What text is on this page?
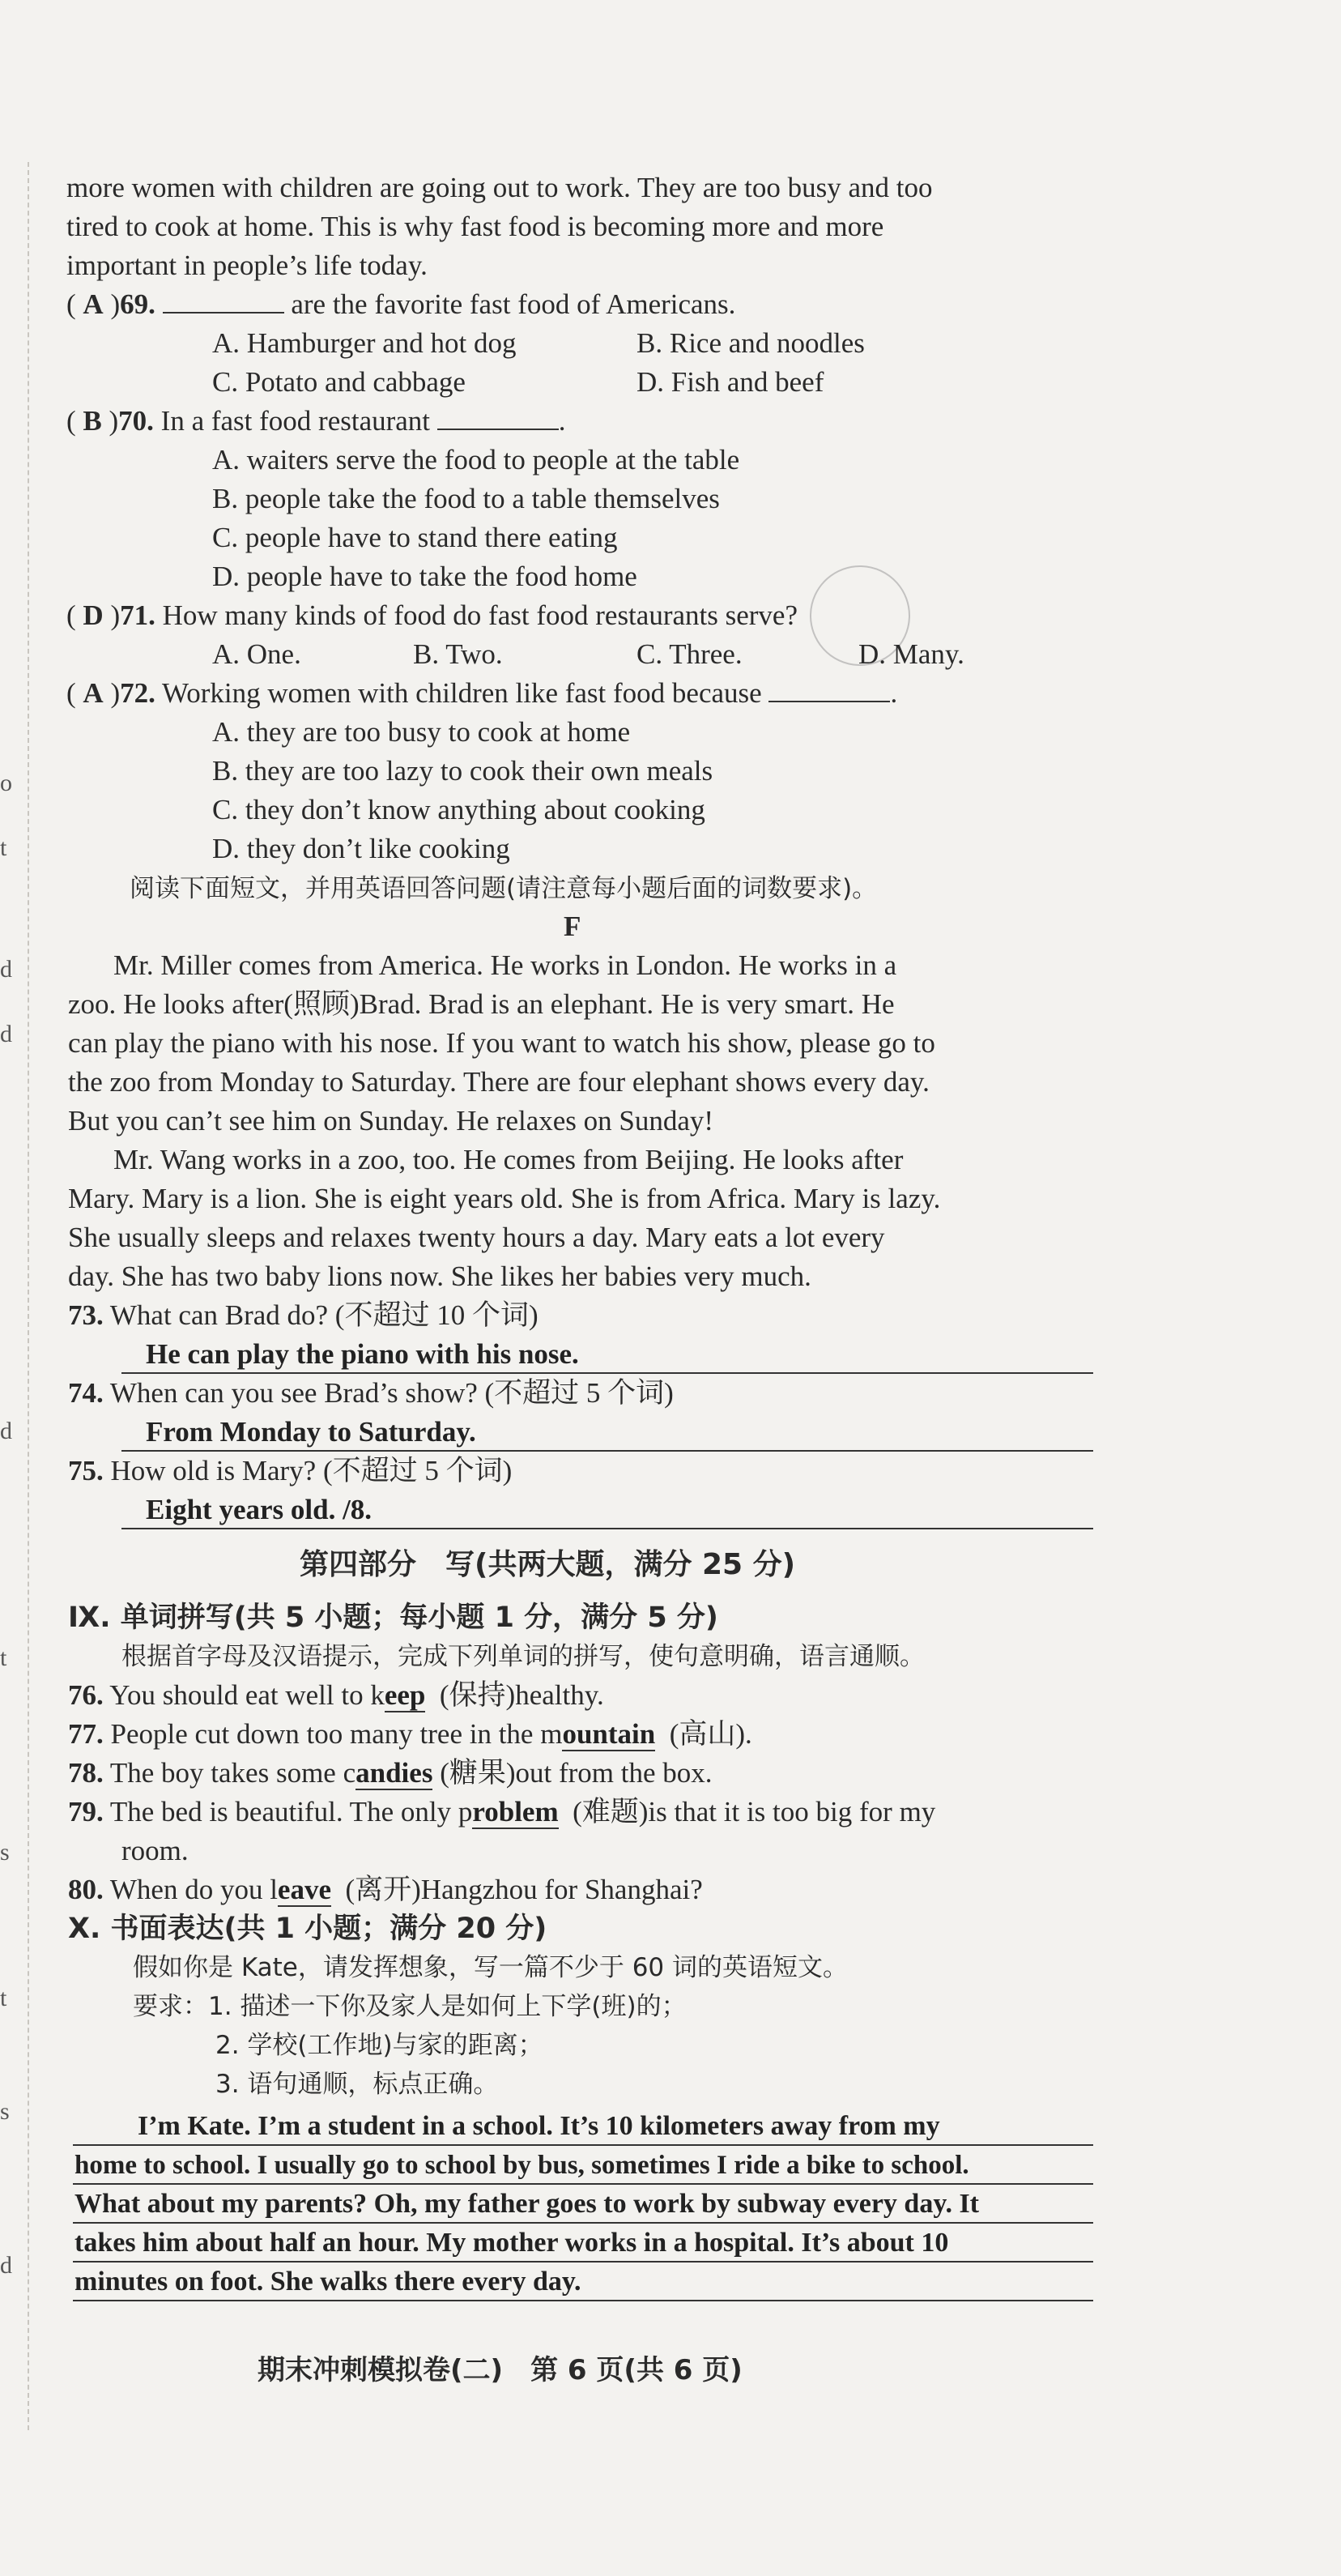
o
t
d
d
d
t
s
t
s
d
more women with children are going out to work. They are too busy and too
tired to cook at home. This is why fast food is becoming more and more
important in people’s life today.
( A )69.	are the favorite fast food of Americans.
A. Hamburger and hot dog	B. Rice and noodles
C. Potato and cabbage	D. Fish and beef
( B )70. In a fast food restaurant	.
A. waiters serve the food to people at the table
B. people take the food to a table themselves
C. people have to stand there eating
D. people have to take the food home
( D )71. How many kinds of food do fast food restaurants serve?
A. One.	B. Two.	C. Three.	D. Many.
( A )72. Working women with children like fast food because	.
A. they are too busy to cook at home
B. they are too lazy to cook their own meals
C. they don’t know anything about cooking
D. they don’t like cooking
阅读下面短文，并用英语回答问题(请注意每小题后面的词数要求)。
F
Mr. Miller comes from America. He works in London. He works in a
zoo. He looks after(照顾)Brad. Brad is an elephant. He is very smart. He
can play the piano with his nose. If you want to watch his show, please go to
the zoo from Monday to Saturday. There are four elephant shows every day.
But you can’t see him on Sunday. He relaxes on Sunday!
Mr. Wang works in a zoo, too. He comes from Beijing. He looks after
Mary. Mary is a lion. She is eight years old. She is from Africa. Mary is lazy.
She usually sleeps and relaxes twenty hours a day. Mary eats a lot every
day. She has two baby lions now. She likes her babies very much.
73. What can Brad do? (不超过 10 个词)
He can play the piano with his nose.
74. When can you see Brad’s show? (不超过 5 个词)
From Monday to Saturday.
75. How old is Mary? (不超过 5 个词)
Eight years old. /8.
第四部分　写(共两大题，满分 25 分)
Ⅸ. 单词拼写(共 5 小题；每小题 1 分，满分 5 分)
根据首字母及汉语提示，完成下列单词的拼写，使句意明确，语言通顺。
76. You should eat well to keep (保持)healthy.
77. People cut down too many tree in the mountain (高山).
78. The boy takes some candies (糖果)out from the box.
79. The bed is beautiful. The only problem (难题)is that it is too big for my
room.
80. When do you leave (离开)Hangzhou for Shanghai?
Ⅹ. 书面表达(共 1 小题；满分 20 分)
假如你是 Kate，请发挥想象，写一篇不少于 60 词的英语短文。
要求：1. 描述一下你及家人是如何上下学(班)的；
2. 学校(工作地)与家的距离；
3. 语句通顺，标点正确。
I’m Kate. I’m a student in a school. It’s 10 kilometers away from my
home to school. I usually go to school by bus, sometimes I ride a bike to school.
What about my parents? Oh, my father goes to work by subway every day. It
takes him about half an hour. My mother works in a hospital. It’s about 10
minutes on foot. She walks there every day.
期末冲刺模拟卷(二)　第 6 页(共 6 页)
